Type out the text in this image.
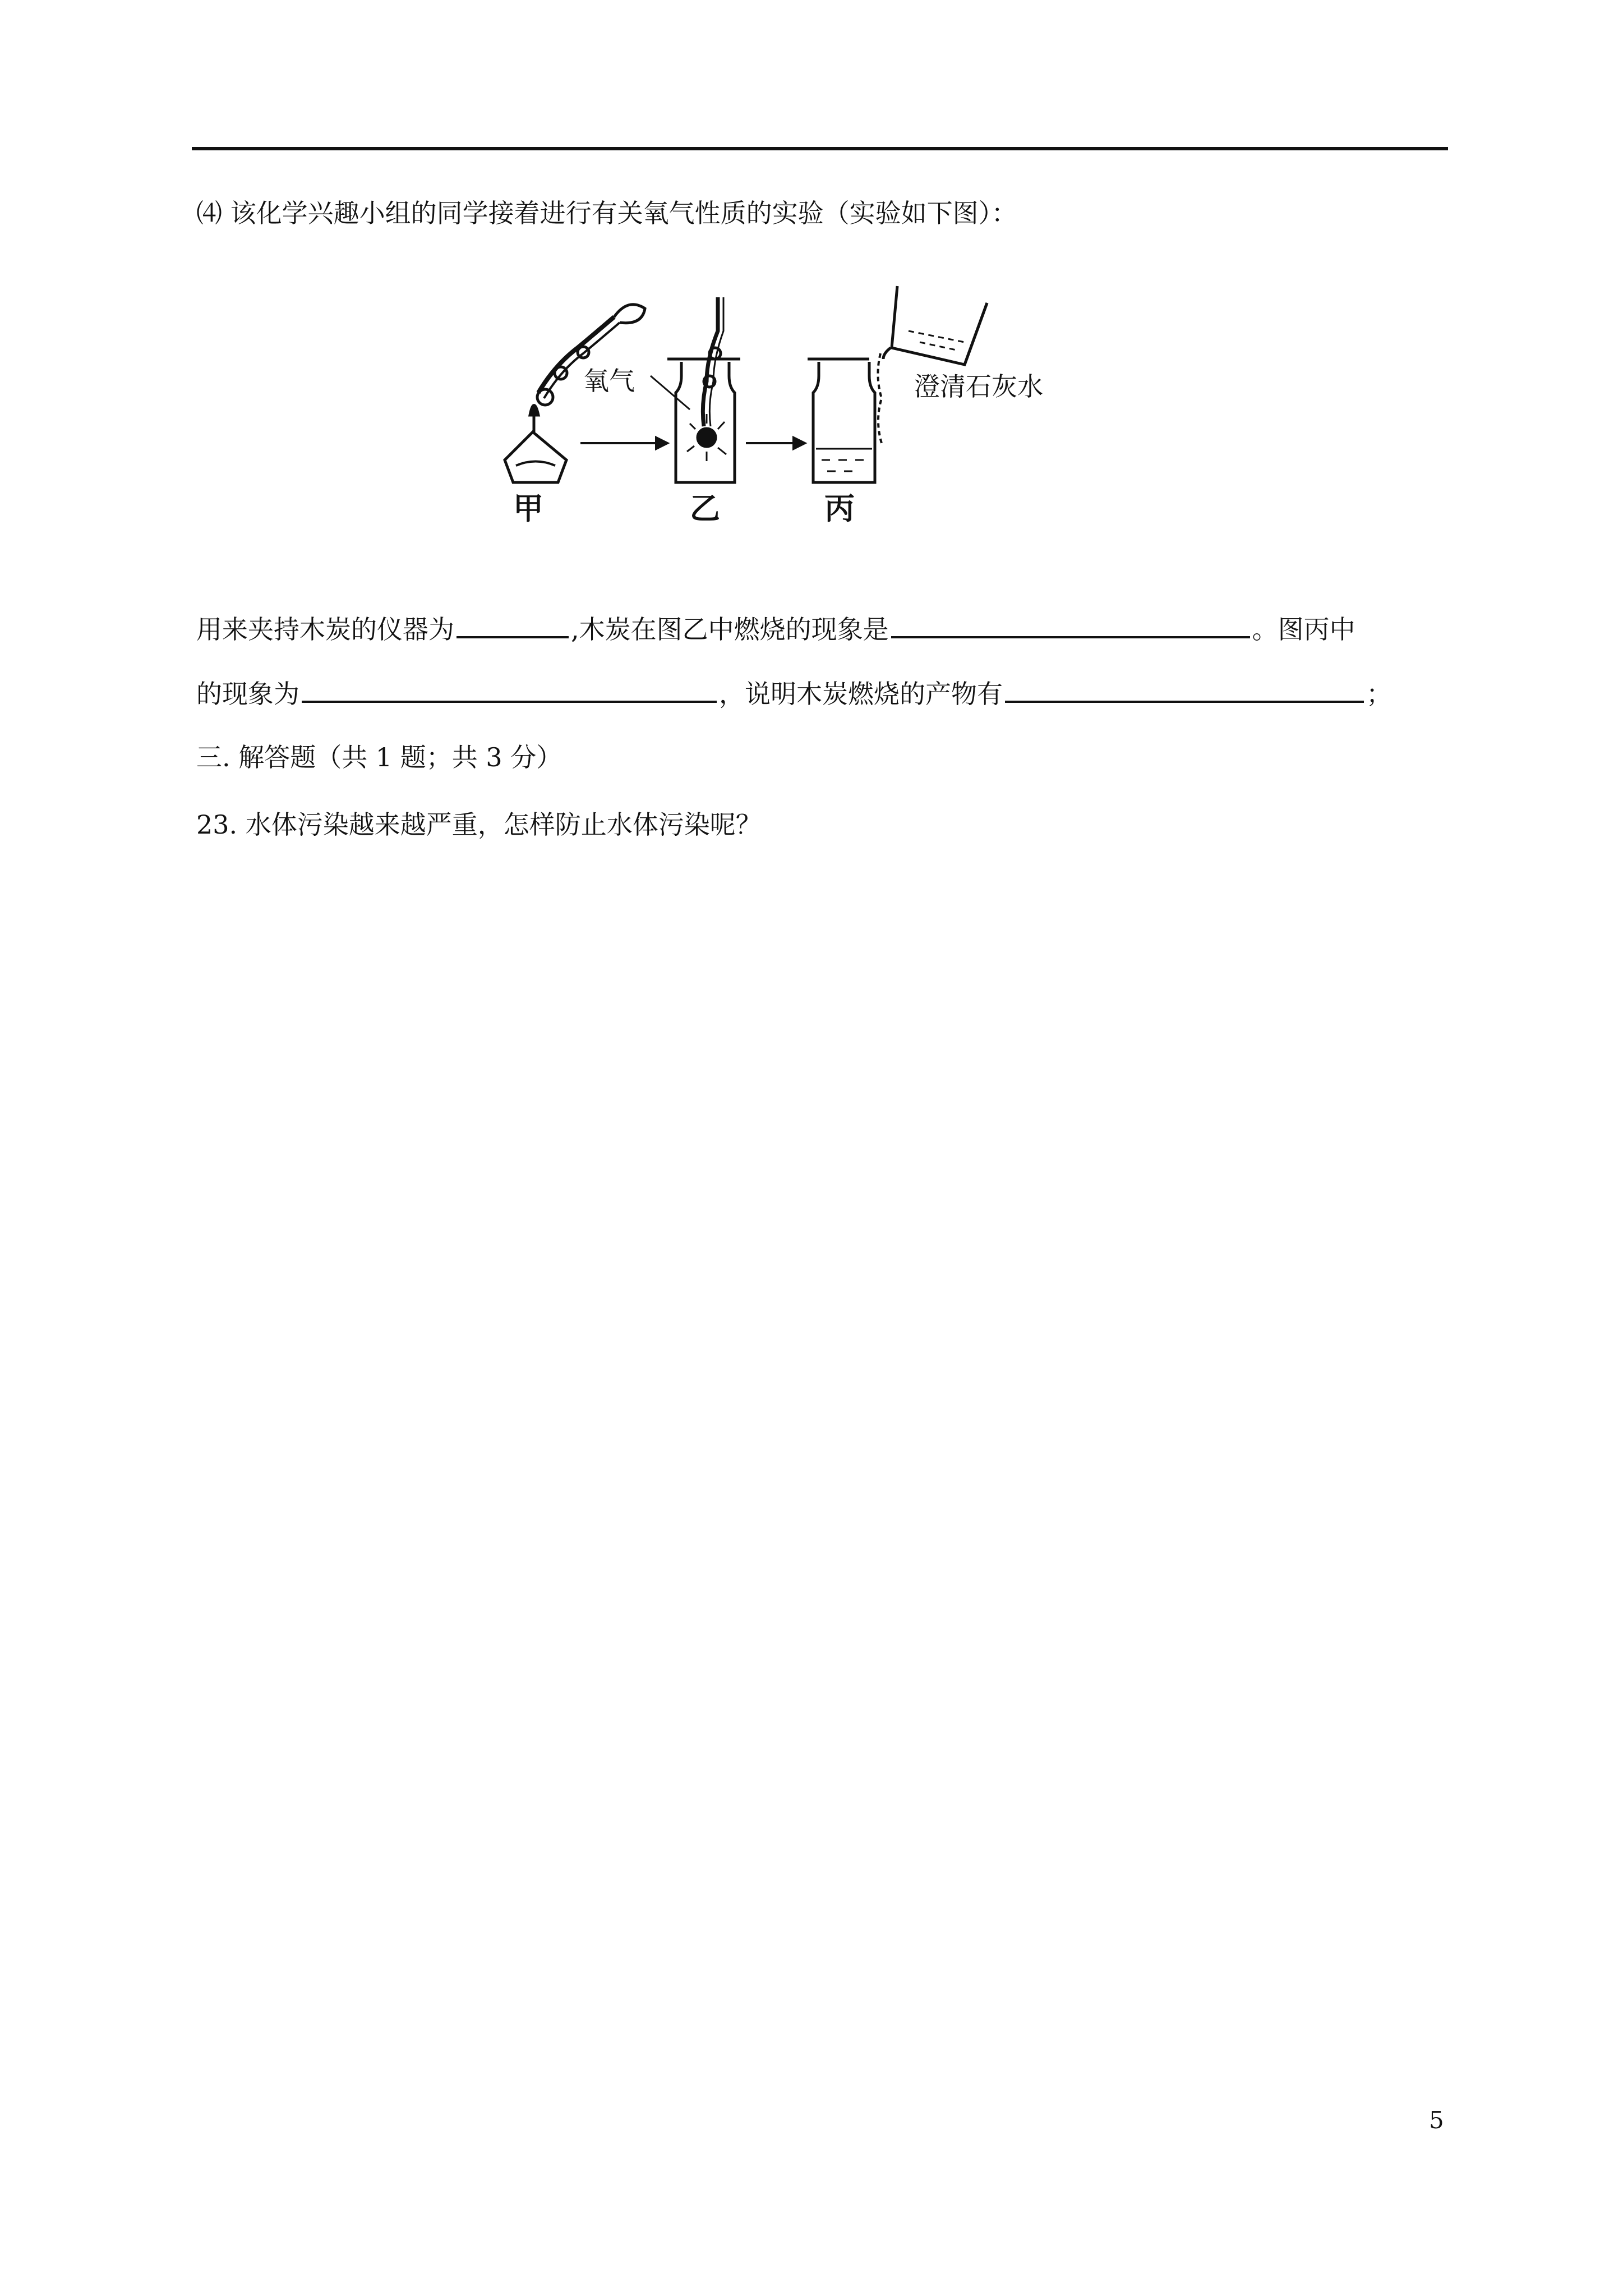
⑷ 该化学兴趣小组的同学接着进行有关氧气性质的实验（实验如下图）：
氧气	澄清石灰水
甲	乙	丙
用来夹持木炭的仪器为	,木炭在图乙中燃烧的现象是	。图丙中
的现象为	，说明木炭燃烧的产物有	；
三. 解答题（共 1 题；共 3 分）
23. 水体污染越来越严重，怎样防止水体污染呢？
5
